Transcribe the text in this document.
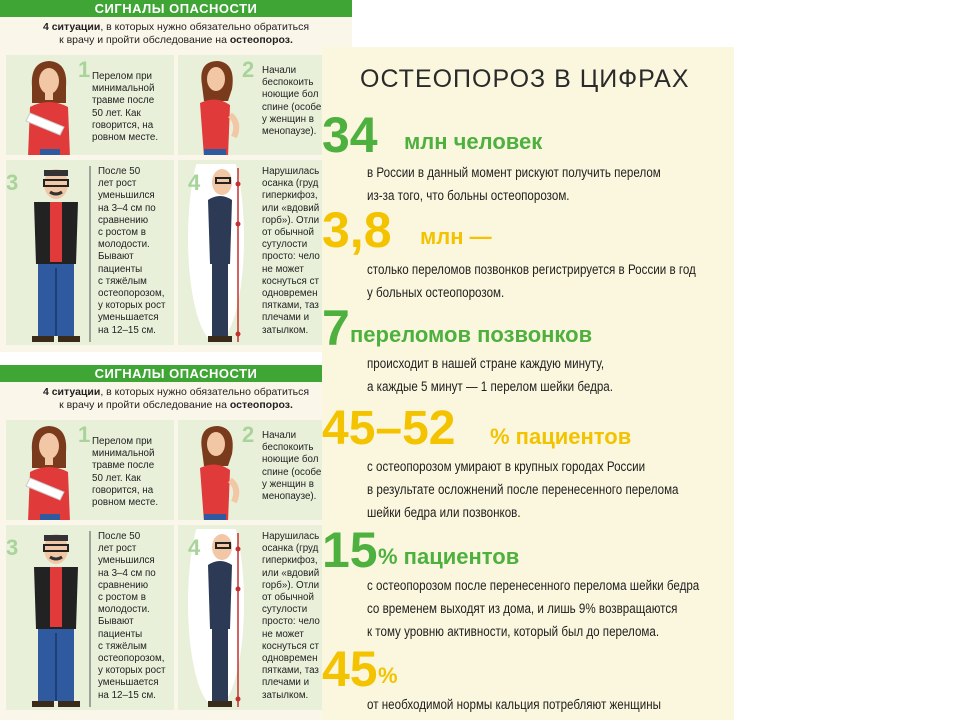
СИГНАЛЫ ОПАСНОСТИ
4 ситуации, в которых нужно обязательно обратиться
к врачу и пройти обследование на остеопороз.
1 Перелом при
минимальной
травме после
50 лет. Как
говорится, на
ровном месте.
2 Начали
беспокоить
ноющие бол
спине (особе
у женщин в
менопаузе).
3	После 50
лет рост
уменьшился
на 3–4 см по
сравнению
с ростом в
молодости.
Бывают
пациенты
с тяжёлым
остеопорозом,
у которых рост
уменьшается
на 12–15 см.
4	Нарушилась
осанка (груд
гиперкифоз,
или «вдовий
горб»). Отли
от обычной
сутулости
просто: чело
не может
коснуться ст
одновремен
пятками, таз
плечами и
затылком.
СИГНАЛЫ ОПАСНОСТИ
4 ситуации, в которых нужно обязательно обратиться
к врачу и пройти обследование на остеопороз.
1 Перелом при
минимальной
травме после
50 лет. Как
говорится, на
ровном месте.
2 Начали
беспокоить
ноющие бол
спине (особе
у женщин в
менопаузе).
3	После 50
лет рост
уменьшился
на 3–4 см по
сравнению
с ростом в
молодости.
Бывают
пациенты
с тяжёлым
остеопорозом,
у которых рост
уменьшается
на 12–15 см.
4	Нарушилась
осанка (груд
гиперкифоз,
или «вдовий
горб»). Отли
от обычной
сутулости
просто: чело
не может
коснуться ст
одновремен
пятками, таз
плечами и
затылком.
ОСТЕОПОРОЗ В ЦИФРАХ
34 млн человек
в России в данный момент рискуют получить перелом
из-за того, что больны остеопорозом.
3,8 млн —
столько переломов позвонков регистрируется в России в год
у больных остеопорозом.
7 переломов позвонков
происходит в нашей стране каждую минуту,
а каждые 5 минут — 1 перелом шейки бедра.
45–52 % пациентов
с остеопорозом умирают в крупных городах России
в результате осложнений после перенесенного перелома
шейки бедра или позвонков.
15 % пациентов
с остеопорозом после перенесенного перелома шейки бедра
со временем выходят из дома, и лишь 9% возвращаются
к тому уровню активности, который был до перелома.
45 %
от необходимой нормы кальция потребляют женщины
